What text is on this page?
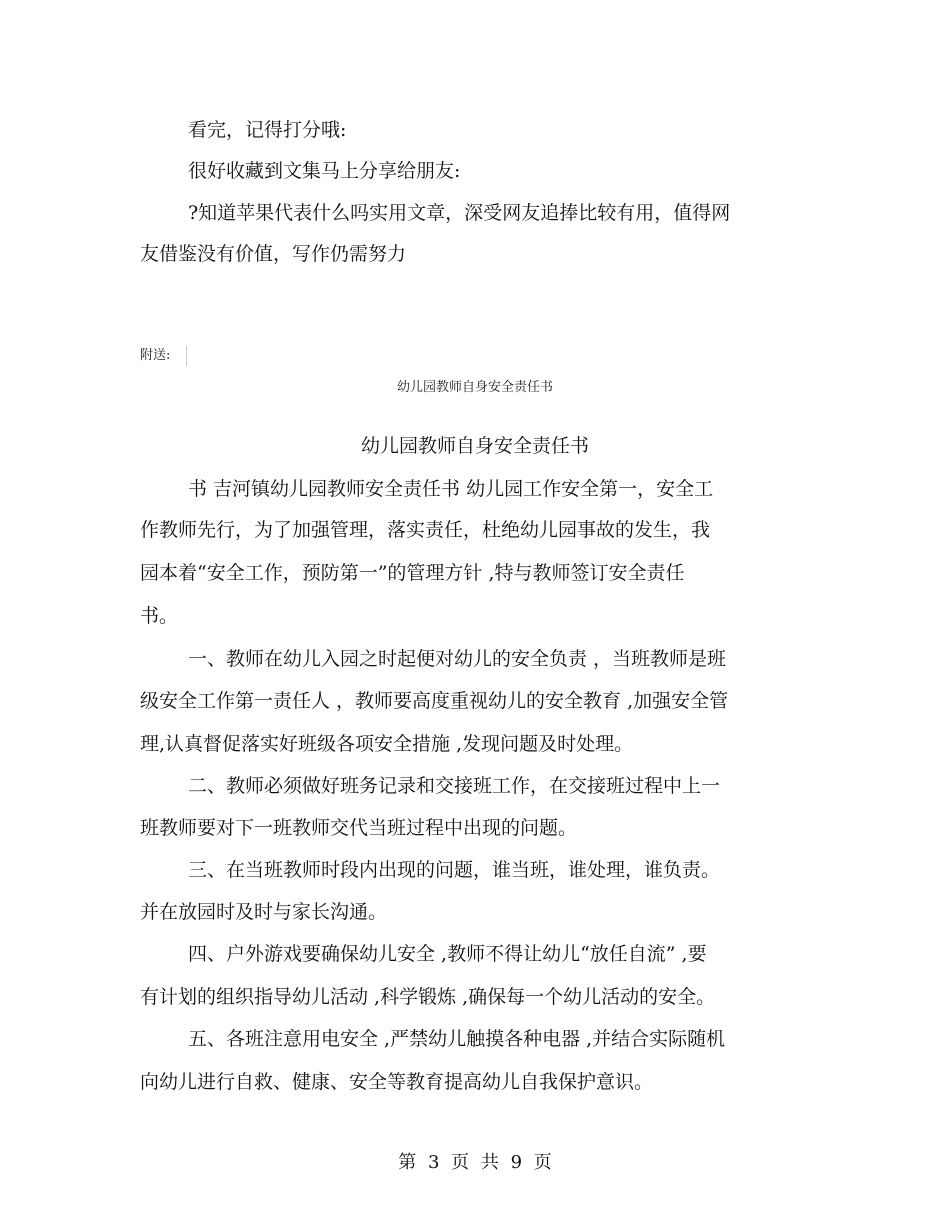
看完，记得打分哦:
很好收藏到文集马上分享给朋友:
?知道苹果代表什么吗实用文章，深受网友追捧比较有用，值得网
友借鉴没有价值，写作仍需努力
附送:
幼儿园教师自身安全责任书
幼儿园教师自身安全责任书
书 吉河镇幼儿园教师安全责任书 幼儿园工作安全第一，安全工
作教师先行，为了加强管理，落实责任，杜绝幼儿园事故的发生，我
园本着“安全工作，预防第一”的管理方针 ,特与教师签订安全责任
书。
一、教师在幼儿入园之时起便对幼儿的安全负责 ，当班教师是班
级安全工作第一责任人 ，教师要高度重视幼儿的安全教育 ,加强安全管
理,认真督促落实好班级各项安全措施 ,发现问题及时处理。
二、教师必须做好班务记录和交接班工作，在交接班过程中上一
班教师要对下一班教师交代当班过程中出现的问题。
三、在当班教师时段内出现的问题，谁当班，谁处理，谁负责。
并在放园时及时与家长沟通。
四、户外游戏要确保幼儿安全 ,教师不得让幼儿“放任自流” ,要
有计划的组织指导幼儿活动 ,科学锻炼 ,确保每一个幼儿活动的安全。
五、各班注意用电安全 ,严禁幼儿触摸各种电器 ,并结合实际随机
向幼儿进行自救、健康、安全等教育提高幼儿自我保护意识。
第 3 页 共 9 页
